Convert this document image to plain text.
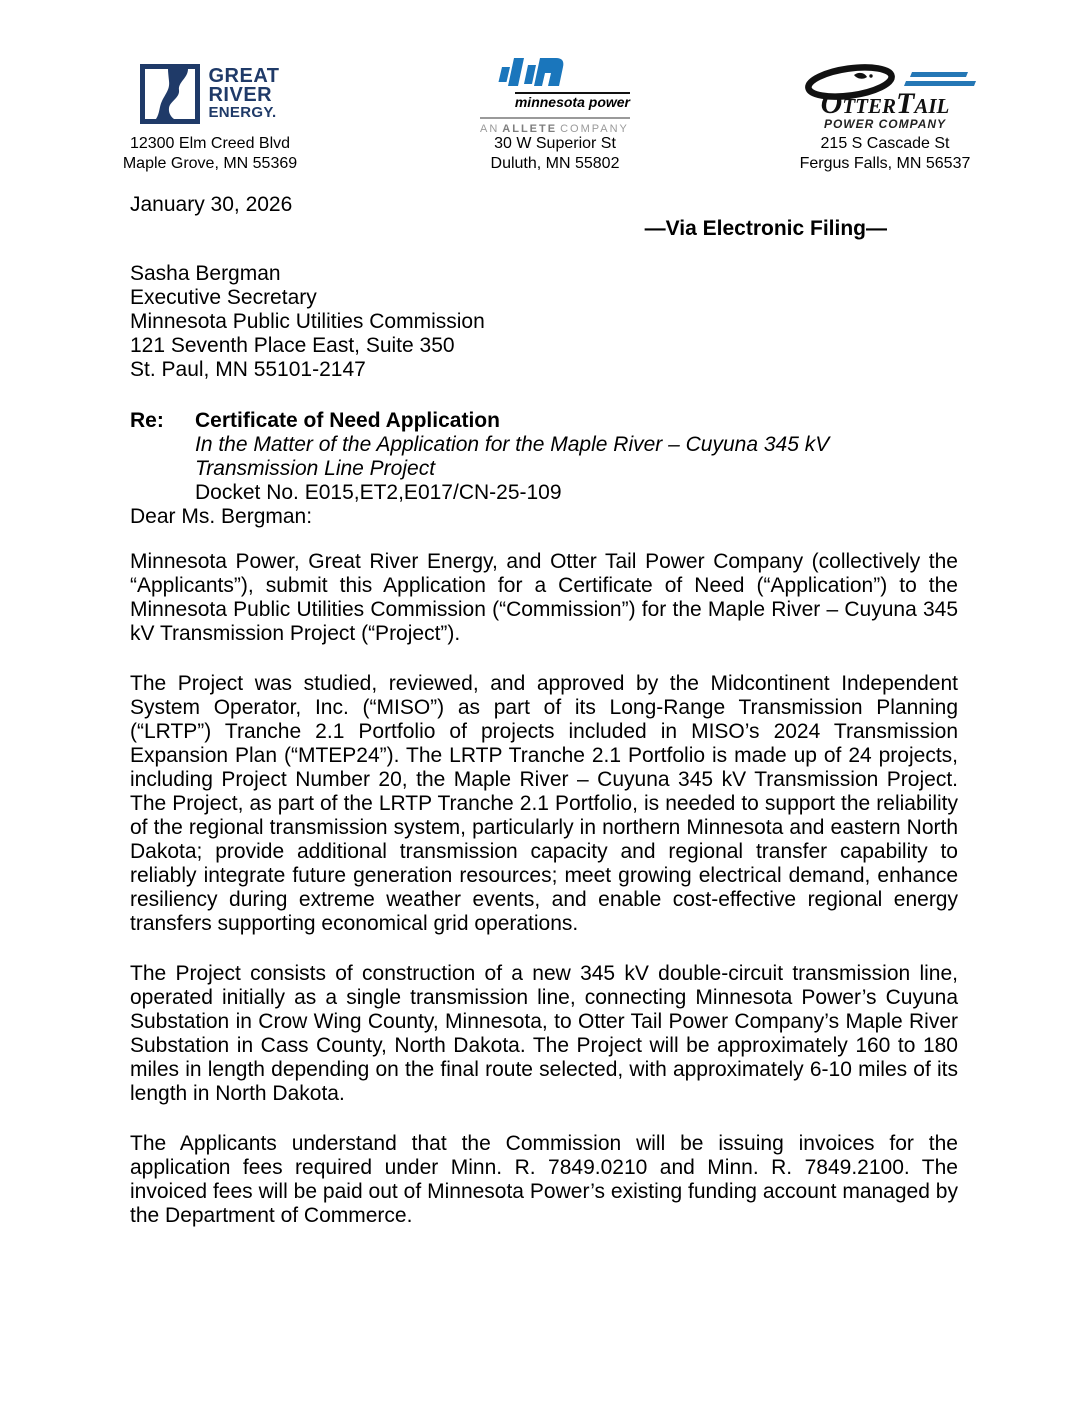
GREAT
RIVER
ENERGY.
12300 Elm Creed Blvd
Maple Grove, MN 55369
minnesota power
AN ALLETE COMPANY
30 W Superior St
Duluth, MN 55802
OtterTail
POWER COMPANY
215 S Cascade St
Fergus Falls, MN 56537

January 30, 2026

—Via Electronic Filing—

Sasha Bergman
Executive Secretary
Minnesota Public Utilities Commission
121 Seventh Place East, Suite 350
St. Paul, MN 55101-2147
Re:	Certificate of Need Application
In the Matter of the Application for the Maple River – Cuyuna 345 kV Transmission Line Project
Docket No. E015,ET2,E017/CN-25-109

Dear Ms. Bergman:

Minnesota Power, Great River Energy, and Otter Tail Power Company (collectively the “Applicants”), submit this Application for a Certificate of Need (“Application”) to the Minnesota Public Utilities Commission (“Commission”) for the Maple River – Cuyuna 345 kV Transmission Project (“Project”).

The Project was studied, reviewed, and approved by the Midcontinent Independent System Operator, Inc. (“MISO”) as part of its Long-Range Transmission Planning (“LRTP”) Tranche 2.1 Portfolio of projects included in MISO’s 2024 Transmission Expansion Plan (“MTEP24”). The LRTP Tranche 2.1 Portfolio is made up of 24 projects, including Project Number 20, the Maple River – Cuyuna 345 kV Transmission Project. The Project, as part of the LRTP Tranche 2.1 Portfolio, is needed to support the reliability of the regional transmission system, particularly in northern Minnesota and eastern North Dakota; provide additional transmission capacity and regional transfer capability to reliably integrate future generation resources; meet growing electrical demand, enhance resiliency during extreme weather events, and enable cost-effective regional energy transfers supporting economical grid operations.

The Project consists of construction of a new 345 kV double-circuit transmission line, operated initially as a single transmission line, connecting Minnesota Power’s Cuyuna Substation in Crow Wing County, Minnesota, to Otter Tail Power Company’s Maple River Substation in Cass County, North Dakota. The Project will be approximately 160 to 180 miles in length depending on the final route selected, with approximately 6-10 miles of its length in North Dakota.

The Applicants understand that the Commission will be issuing invoices for the application fees required under Minn. R. 7849.0210 and Minn. R. 7849.2100. The invoiced fees will be paid out of Minnesota Power’s existing funding account managed by the Department of Commerce.
